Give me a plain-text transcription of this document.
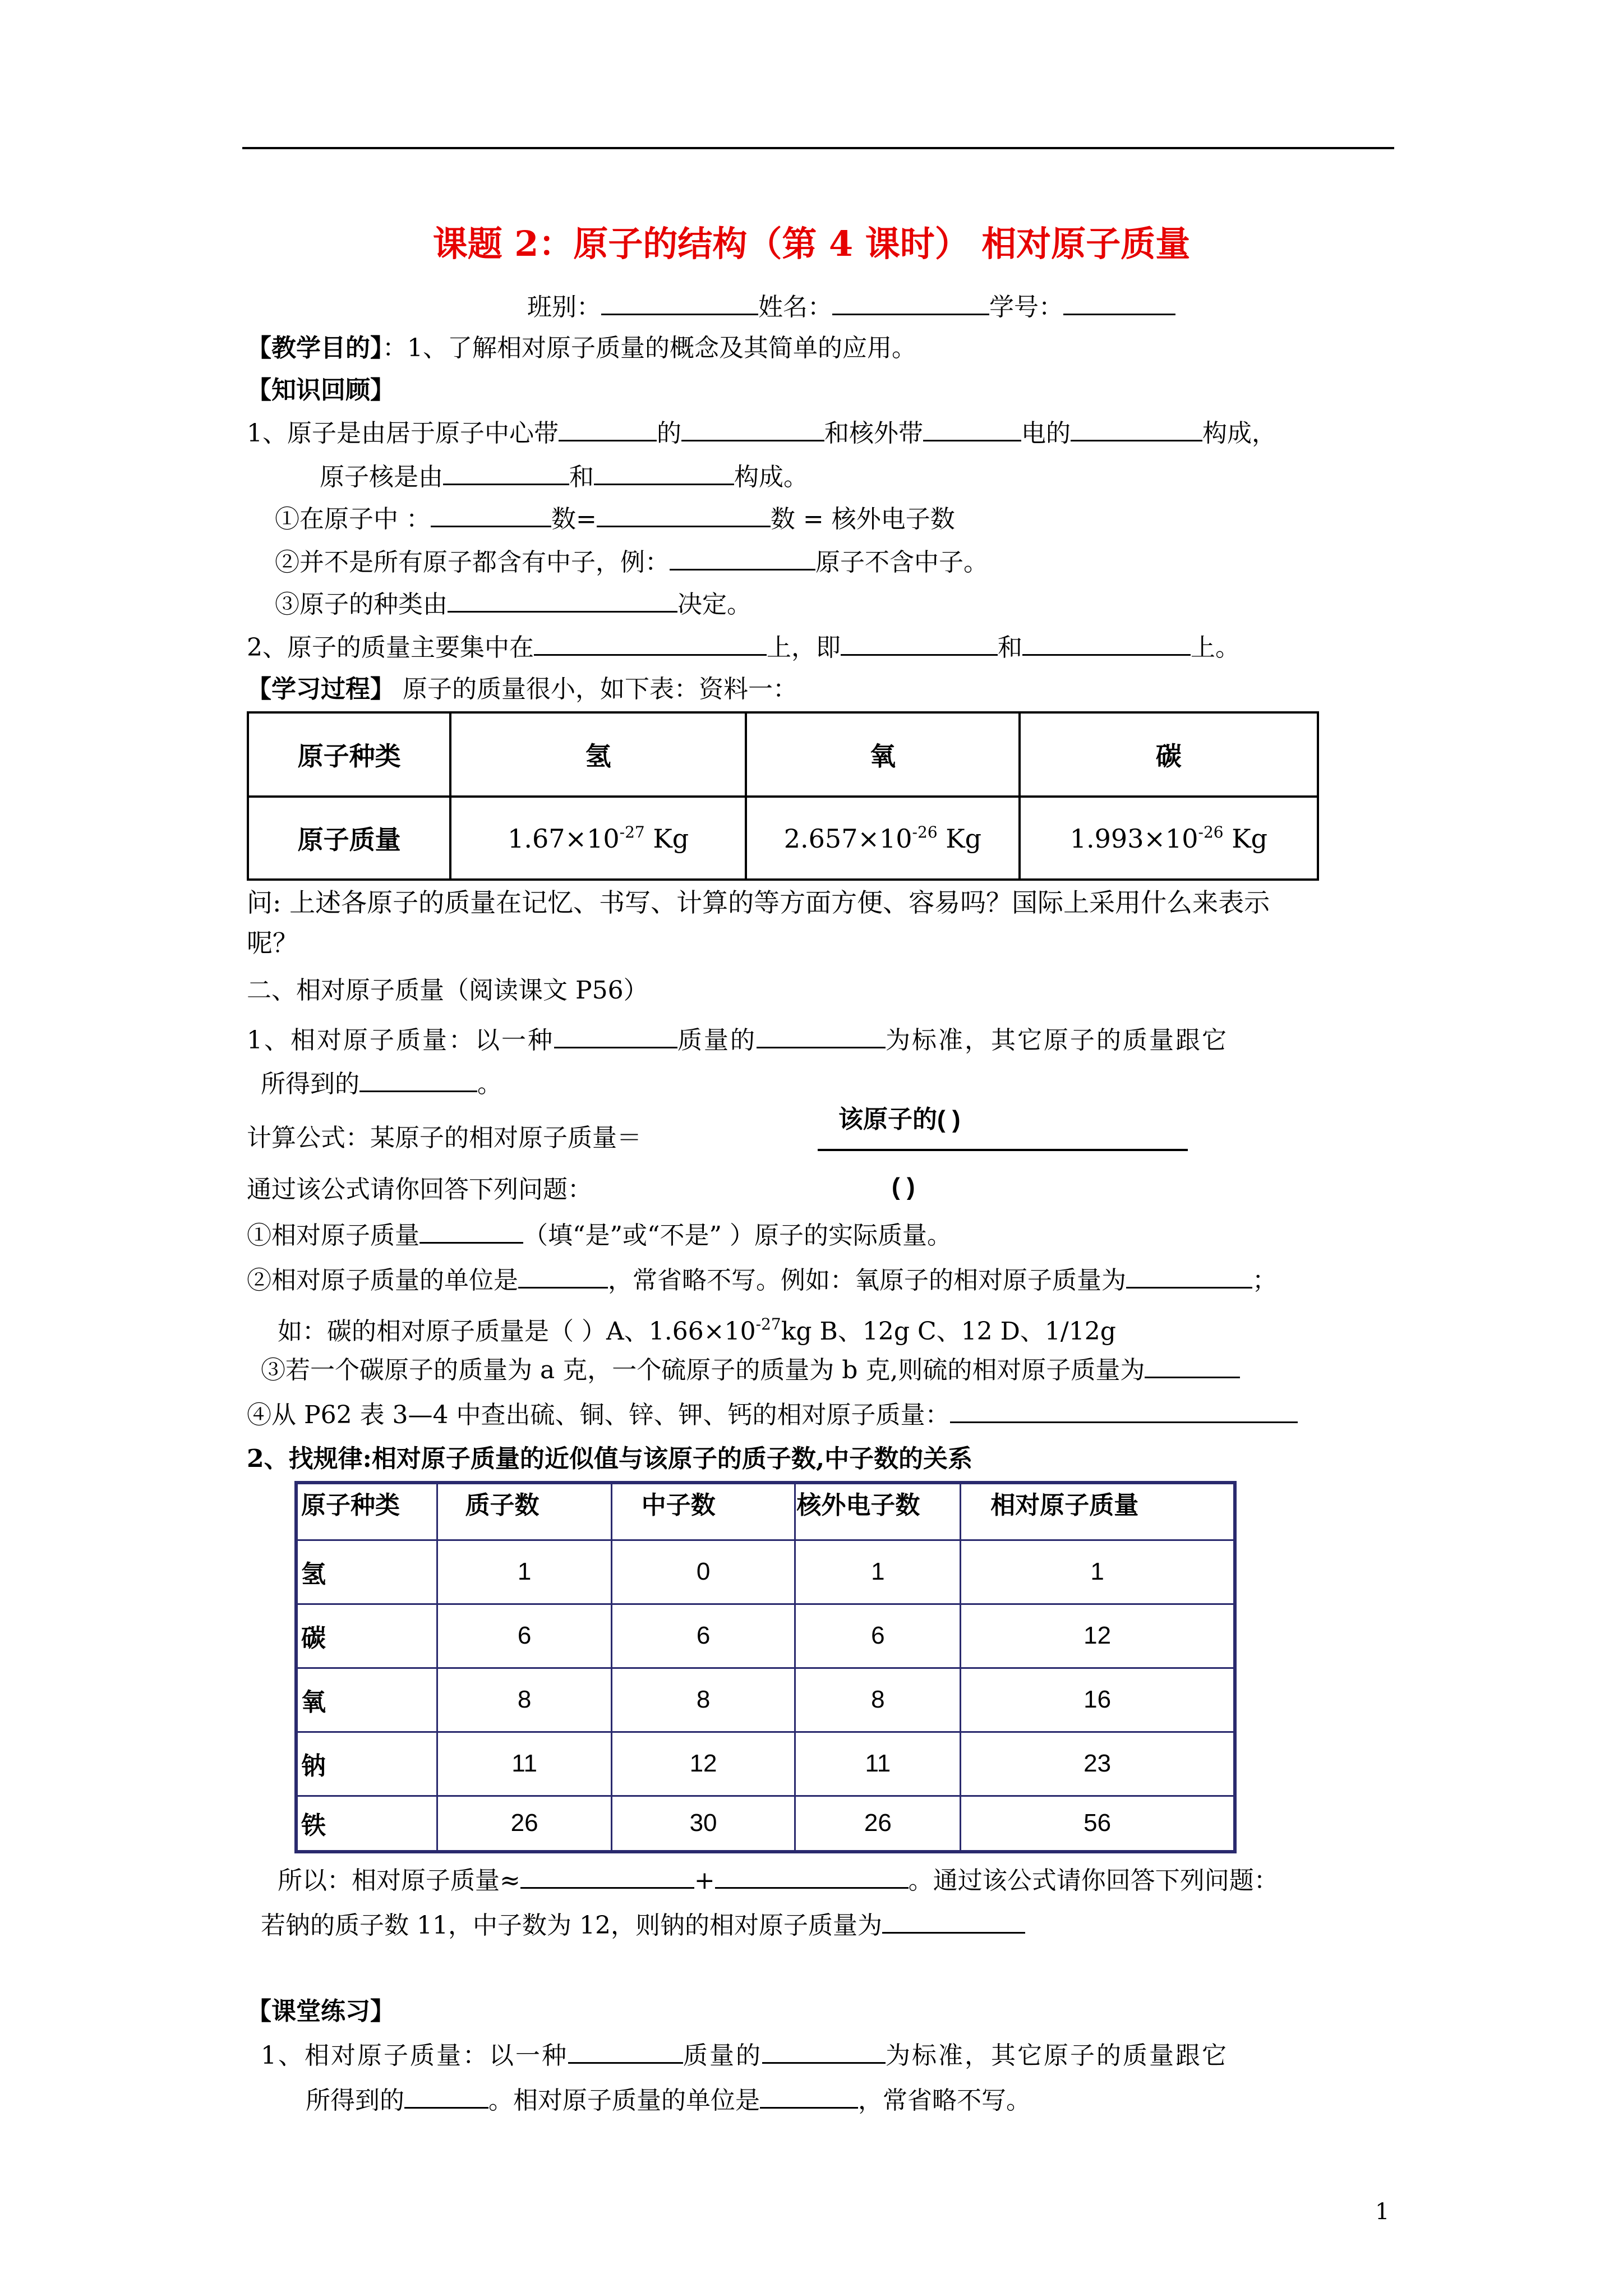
课题 2：原子的结构（第 4 课时） 相对原子质量
班别：	姓名：	学号：
【教学目的】：1、了解相对原子质量的概念及其简单的应用。
【知识回顾】
1、原子是由居于原子中心带	的	和核外带	电的	构成，
原子核是由	和	构成。
①在原子中 ：	数=	数 = 核外电子数
②并不是所有原子都含有中子，例：	原子不含中子。
③原子的种类由	决定。
2、原子的质量主要集中在	上，即	和	上。
【学习过程】 原子的质量很小，如下表：资料一：
原子种类	氢	氧	碳
原子质量	$1.67\times 10^{-27}$ Kg	$2.657\times 10^{-26}$ Kg	$1.993\times 10^{-26}$ Kg
问: 上述各原子的质量在记忆、书写、计算的等方面方便、容易吗？国际上采用什么来表示
呢？
二、相对原子质量（阅读课文 P56）
1、相对原子质量：以一种	质量的	为标准，其它原子的质量跟它
所得到的	。
计算公式：某原子的相对原子质量＝
该原子的( )
( )
通过该公式请你回答下列问题：
①相对原子质量	（填“是”或“不是” ）原子的实际质量。
②相对原子质量的单位是	，常省略不写。例如：氧原子的相对原子质量为	；
如：碳的相对原子质量是（ ）A、$1.66\times 10^{-27}kg$ B、12g C、12 D、1/12g
③若一个碳原子的质量为 a 克，一个硫原子的质量为 b 克,则硫的相对原子质量为
④从 P62 表 3—4 中查出硫、铜、锌、钾、钙的相对原子质量：
2、找规律:相对原子质量的近似值与该原子的质子数,中子数的关系
原子种类	质子数	中子数	核外电子数	相对原子质量
氢	1	0	1	1
碳	6	6	6	12
氧	8	8	8	16
钠	11	12	11	23
铁	26	30	26	56
所以：相对原子质量≈	+	。通过该公式请你回答下列问题：
若钠的质子数 11，中子数为 12，则钠的相对原子质量为
【课堂练习】
1、相对原子质量：以一种	质量的	为标准，其它原子的质量跟它
所得到的	。相对原子质量的单位是	，常省略不写。
1
